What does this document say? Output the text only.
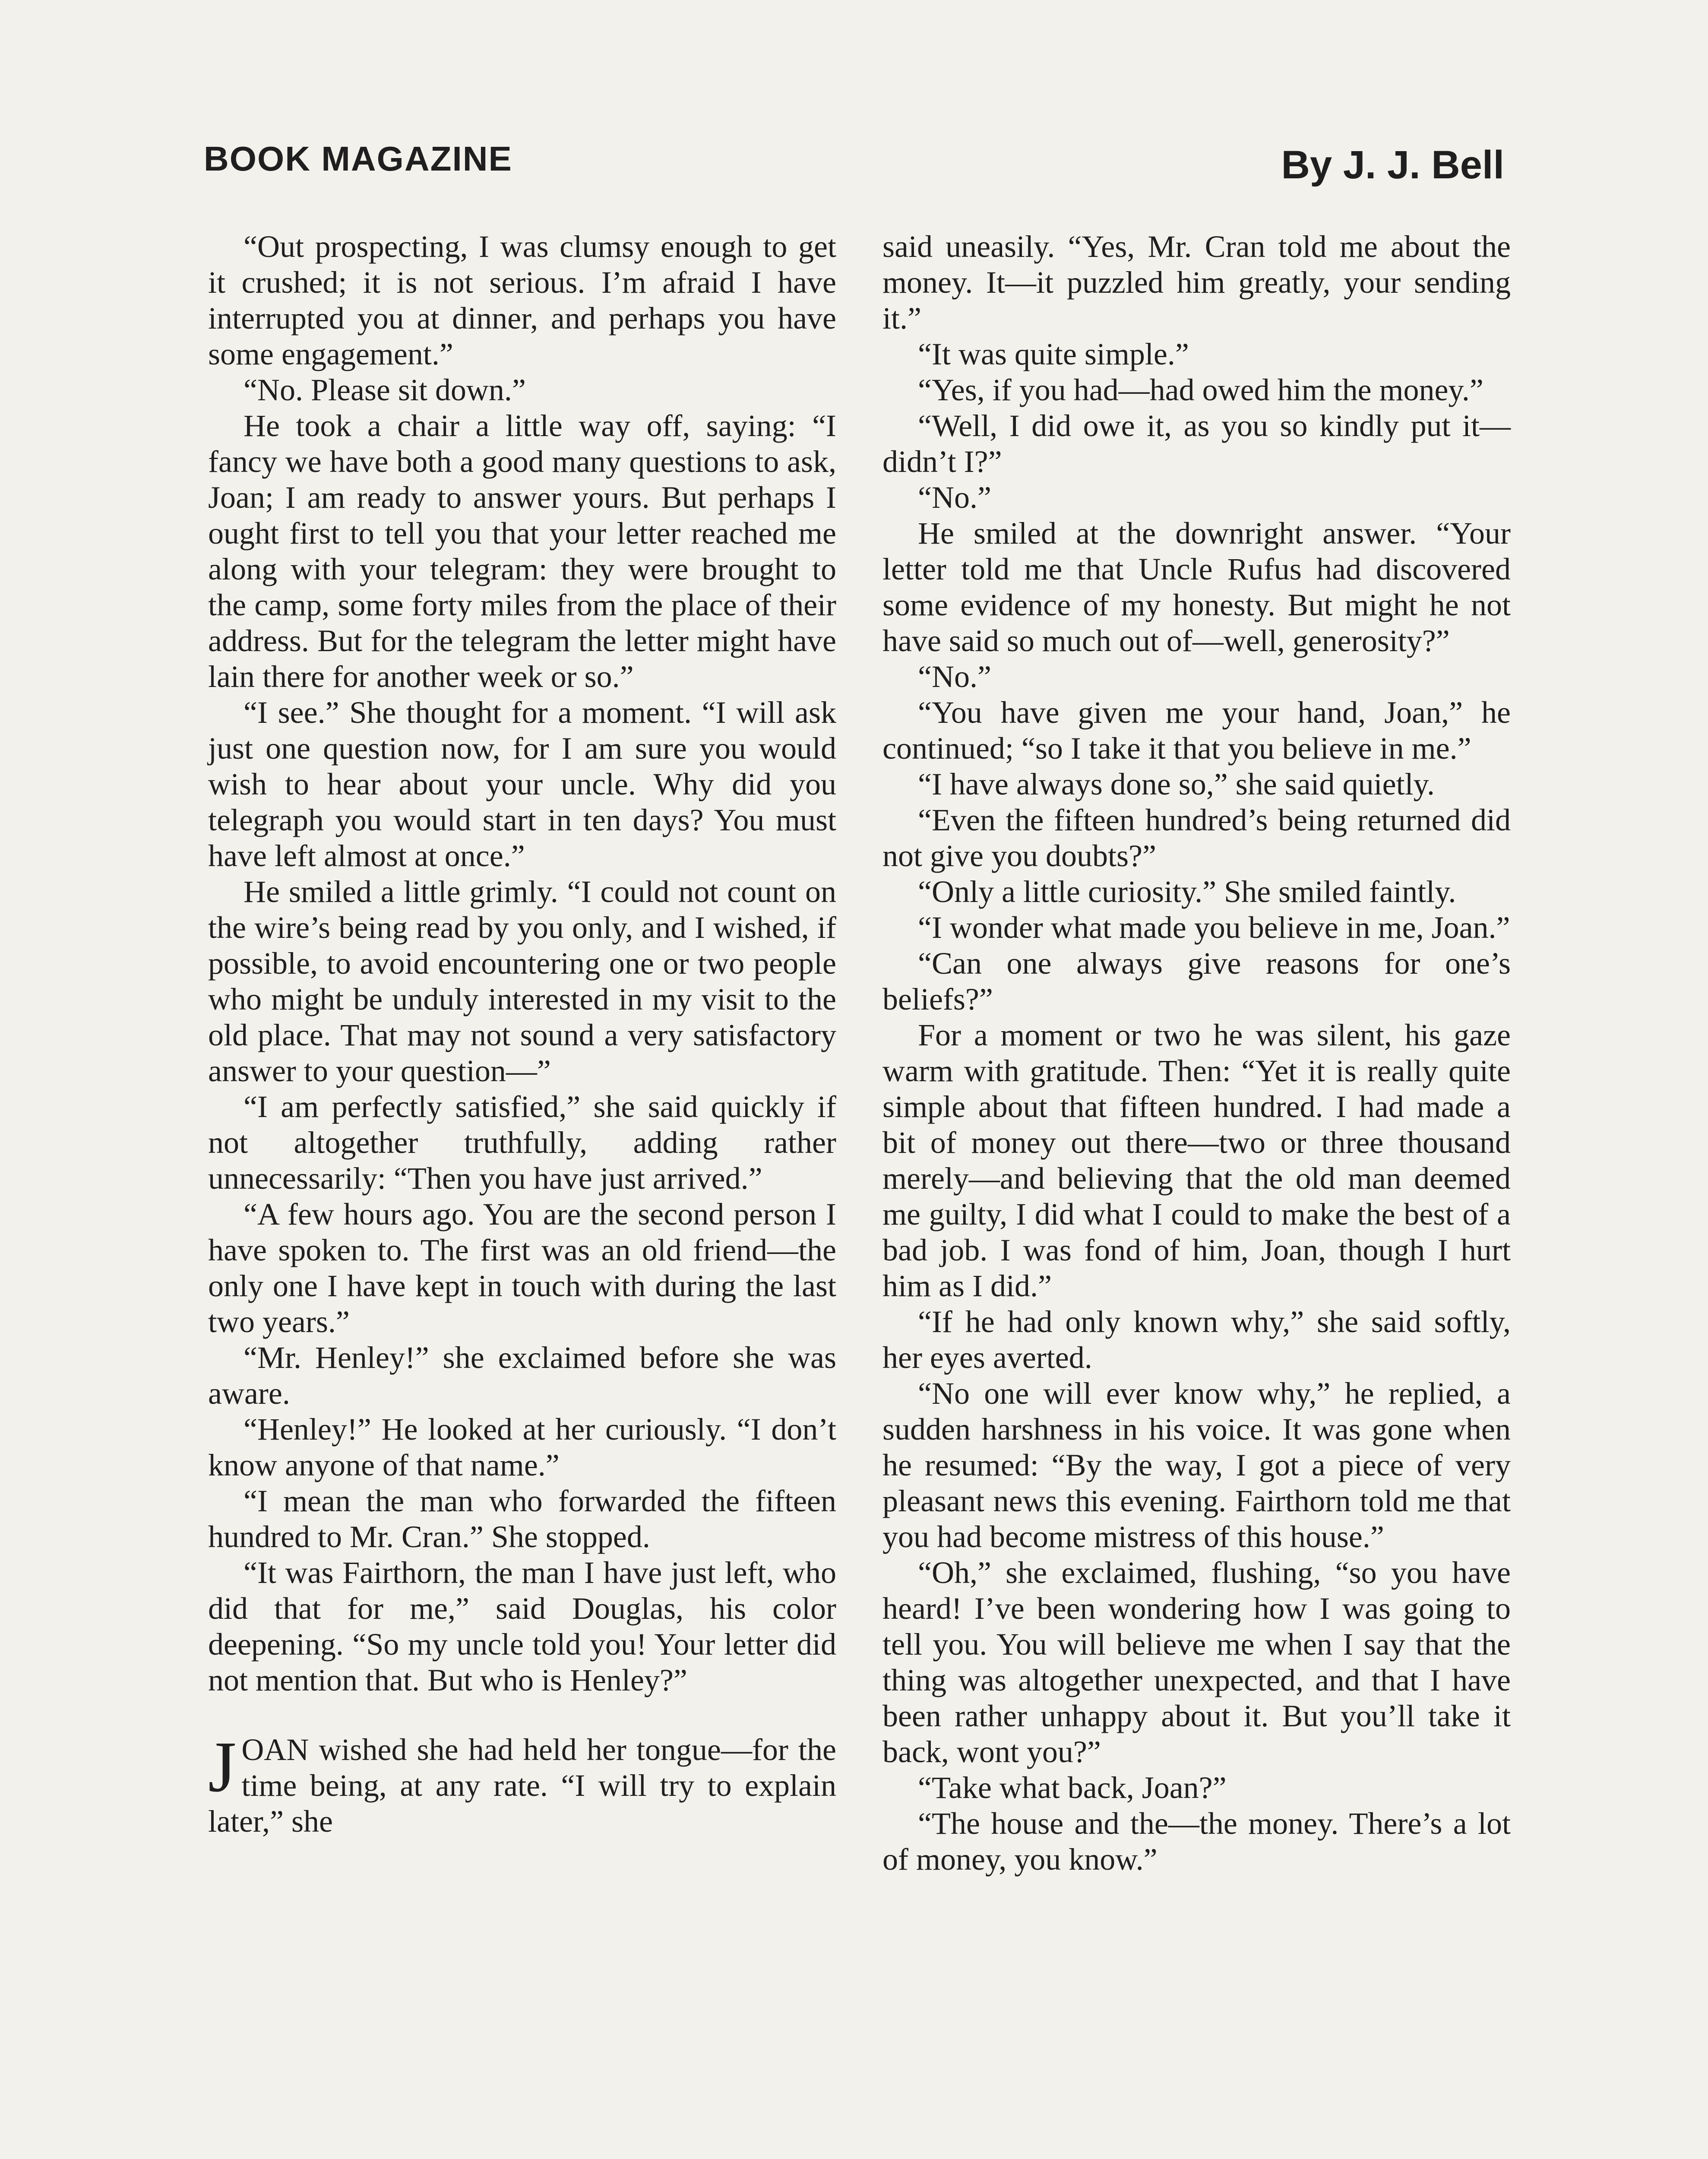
BOOK MAGAZINE	By J. J. Bell

“Out prospecting, I was clumsy enough to get it crushed; it is not serious. I’m afraid I have interrupted you at dinner, and perhaps you have some engagement.”

“No. Please sit down.”

He took a chair a little way off, saying: “I fancy we have both a good many questions to ask, Joan; I am ready to answer yours. But perhaps I ought first to tell you that your letter reached me along with your telegram: they were brought to the camp, some forty miles from the place of their address. But for the telegram the letter might have lain there for another week or so.”

“I see.” She thought for a moment. “I will ask just one question now, for I am sure you would wish to hear about your uncle. Why did you telegraph you would start in ten days? You must have left almost at once.”

He smiled a little grimly. “I could not count on the wire’s being read by you only, and I wished, if possible, to avoid encountering one or two people who might be unduly interested in my visit to the old place. That may not sound a very satisfactory answer to your question—”

“I am perfectly satisfied,” she said quickly if not altogether truthfully, adding rather unnecessarily: “Then you have just arrived.”

“A few hours ago. You are the second person I have spoken to. The first was an old friend—the only one I have kept in touch with during the last two years.”

“Mr. Henley!” she exclaimed before she was aware.

“Henley!” He looked at her curiously. “I don’t know anyone of that name.”

“I mean the man who forwarded the fifteen hundred to Mr. Cran.” She stopped.

“It was Fairthorn, the man I have just left, who did that for me,” said Douglas, his color deepening. “So my uncle told you! Your letter did not mention that. But who is Henley?”

JOAN wished she had held her tongue—for the time being, at any rate. “I will try to explain later,” she

said uneasily. “Yes, Mr. Cran told me about the money. It—it puzzled him greatly, your sending it.”

“It was quite simple.”

“Yes, if you had—had owed him the money.”

“Well, I did owe it, as you so kindly put it—didn’t I?”

“No.”

He smiled at the downright answer. “Your letter told me that Uncle Rufus had discovered some evidence of my honesty. But might he not have said so much out of—well, generosity?”

“No.”

“You have given me your hand, Joan,” he continued; “so I take it that you believe in me.”

“I have always done so,” she said quietly.

“Even the fifteen hundred’s being returned did not give you doubts?”

“Only a little curiosity.” She smiled faintly.

“I wonder what made you believe in me, Joan.”

“Can one always give reasons for one’s beliefs?”

For a moment or two he was silent, his gaze warm with gratitude. Then: “Yet it is really quite simple about that fifteen hundred. I had made a bit of money out there—two or three thousand merely—and believing that the old man deemed me guilty, I did what I could to make the best of a bad job. I was fond of him, Joan, though I hurt him as I did.”

“If he had only known why,” she said softly, her eyes averted.

“No one will ever know why,” he replied, a sudden harshness in his voice. It was gone when he resumed: “By the way, I got a piece of very pleasant news this evening. Fairthorn told me that you had become mistress of this house.”

“Oh,” she exclaimed, flushing, “so you have heard! I’ve been wondering how I was going to tell you. You will believe me when I say that the thing was altogether unexpected, and that I have been rather unhappy about it. But you’ll take it back, wont you?”

“Take what back, Joan?”

“The house and the—the money. There’s a lot of money, you know.”
